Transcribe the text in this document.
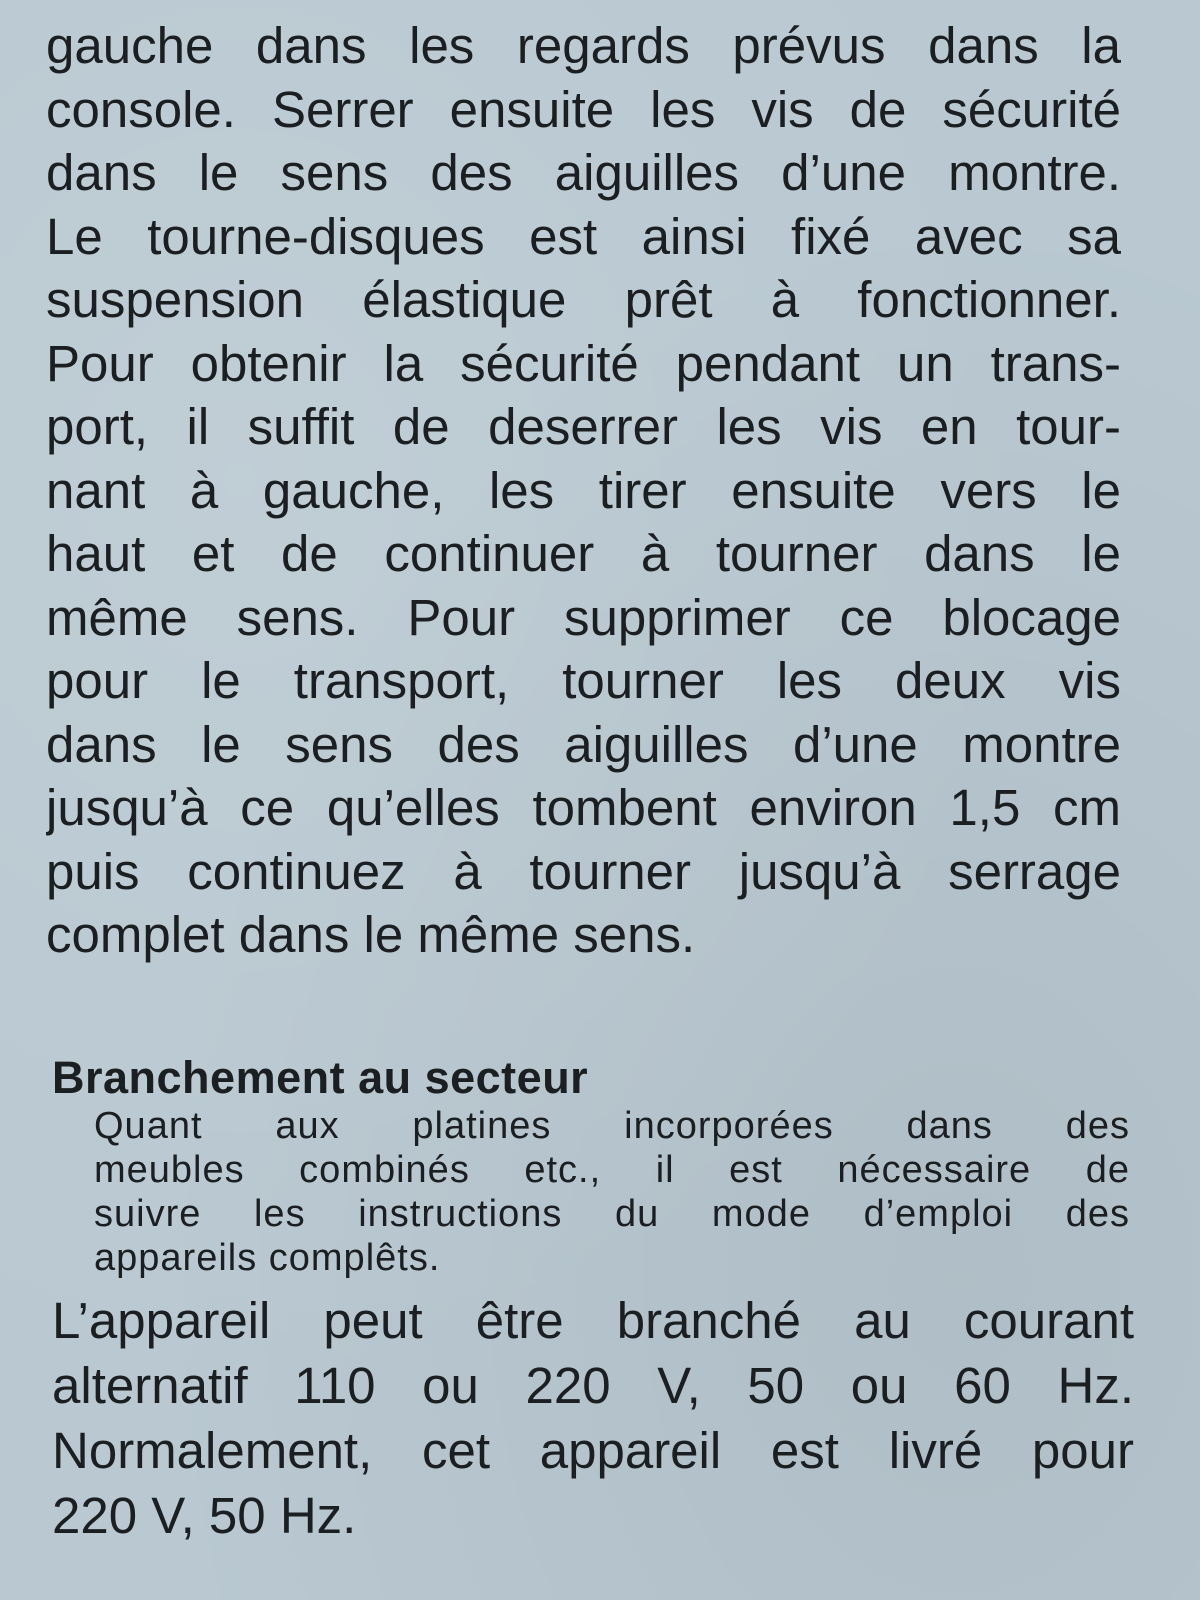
gauche dans les regards prévus dans la
console. Serrer ensuite les vis de sécurité
dans le sens des aiguilles d’une montre.
Le tourne-disques est ainsi fixé avec sa
suspension élastique prêt à fonctionner.
Pour obtenir la sécurité pendant un trans-
port, il suffit de deserrer les vis en tour-
nant à gauche, les tirer ensuite vers le
haut et de continuer à tourner dans le
même sens. Pour supprimer ce blocage
pour le transport, tourner les deux vis
dans le sens des aiguilles d’une montre
jusqu’à ce qu’elles tombent environ 1,5 cm
puis continuez à tourner jusqu’à serrage
complet dans le même sens.
Branchement au secteur
Quant aux platines incorporées dans des
meubles combinés etc., il est nécessaire de
suivre les instructions du mode d’emploi des
appareils complêts.
L’appareil peut être branché au courant
alternatif 110 ou 220 V, 50 ou 60 Hz.
Normalement, cet appareil est livré pour
220 V, 50 Hz.
